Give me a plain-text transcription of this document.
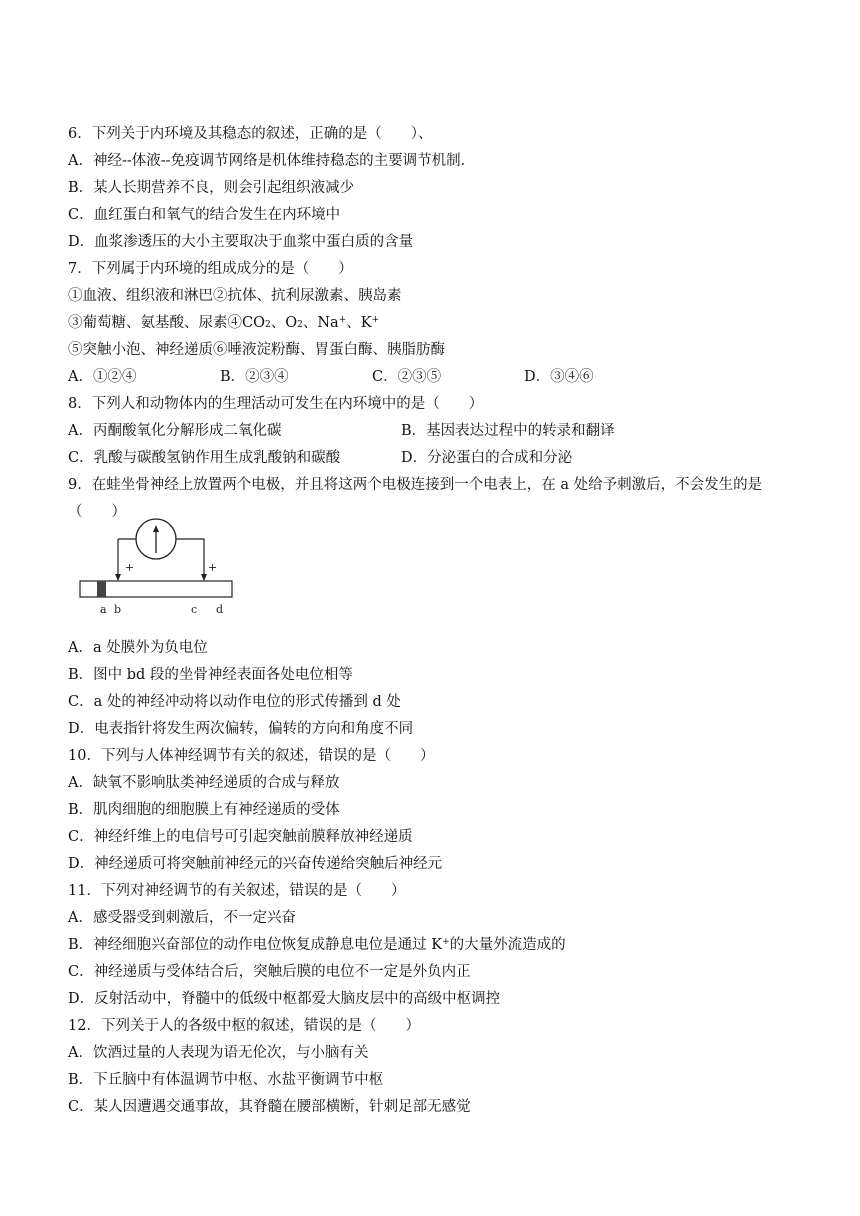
6．下列关于内环境及其稳态的叙述，正确的是（　　）、
A．神经--体液--免疫调节网络是机体维持稳态的主要调节机制．
B．某人长期营养不良，则会引起组织液减少
C．血红蛋白和氧气的结合发生在内环境中
D．血浆渗透压的大小主要取决于血浆中蛋白质的含量
7．下列属于内环境的组成成分的是（　　）
①血液、组织液和淋巴②抗体、抗利尿激素、胰岛素
③葡萄糖、氨基酸、尿素$④CO_2$、$O_2$、Na+、K+
⑤突触小泡、神经递质⑥唾液淀粉酶、胃蛋白酶、胰脂肪酶
A．①②④	B．②③④	C．②③⑤	D．③④⑥
8．下列人和动物体内的生理活动可发生在内环境中的是（　　）
A．丙酮酸氧化分解形成二氧化碳	B．基因表达过程中的转录和翻译
C．乳酸与碳酸氢钠作用生成乳酸钠和碳酸	D．分泌蛋白的合成和分泌
9．在蛙坐骨神经上放置两个电极，并且将这两个电极连接到一个电表上，在 a 处给予刺激后，不会发生的是
（　　）
+	+
a b	c d
A．a 处膜外为负电位
B．图中 bd 段的坐骨神经表面各处电位相等
C．a 处的神经冲动将以动作电位的形式传播到 d 处
D．电表指针将发生两次偏转，偏转的方向和角度不同
10．下列与人体神经调节有关的叙述，错误的是（　　）
A．缺氧不影响肽类神经递质的合成与释放
B．肌肉细胞的细胞膜上有神经递质的受体
C．神经纤维上的电信号可引起突触前膜释放神经递质
D．神经递质可将突触前神经元的兴奋传递给突触后神经元
11．下列对神经调节的有关叙述，错误的是（　　）
A．感受器受到刺激后，不一定兴奋
B．神经细胞兴奋部位的动作电位恢复成静息电位是通过 K+的大量外流造成的
C．神经递质与受体结合后，突触后膜的电位不一定是外负内正
D．反射活动中，脊髓中的低级中枢都爱大脑皮层中的高级中枢调控
12．下列关于人的各级中枢的叙述，错误的是（　　）
A．饮酒过量的人表现为语无伦次，与小脑有关
B．下丘脑中有体温调节中枢、水盐平衡调节中枢
C．某人因遭遇交通事故，其脊髓在腰部横断，针刺足部无感觉
